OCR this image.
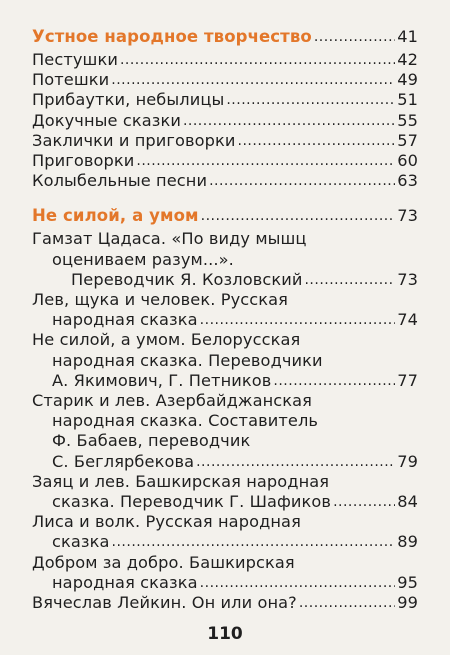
Устное народное творчество .....	41
Пестушки .....	42
Потешки .....	49
Прибаутки, небылицы .....	51
Докучные сказки .....	55
Заклички и приговорки .....	57
Приговорки .....	60
Колыбельные песни .....	63
Не силой, а умом .....	73
Гамзат Цадаса. «По виду мышц
оцениваем разум...».
Переводчик Я. Козловский .....	73
Лев, щука и человек. Русская
народная сказка .....	74
Не силой, а умом. Белорусская
народная сказка. Переводчики
А. Якимович, Г. Петников .....	77
Старик и лев. Азербайджанская
народная сказка. Составитель
Ф. Бабаев, переводчик
С. Беглярбекова .....	79
Заяц и лев. Башкирская народная
сказка. Переводчик Г. Шафиков .....	84
Лиса и волк. Русская народная
сказка .....	89
Добром за добро. Башкирская
народная сказка .....	95
Вячеслав Лейкин. Он или она? .....	99
110
